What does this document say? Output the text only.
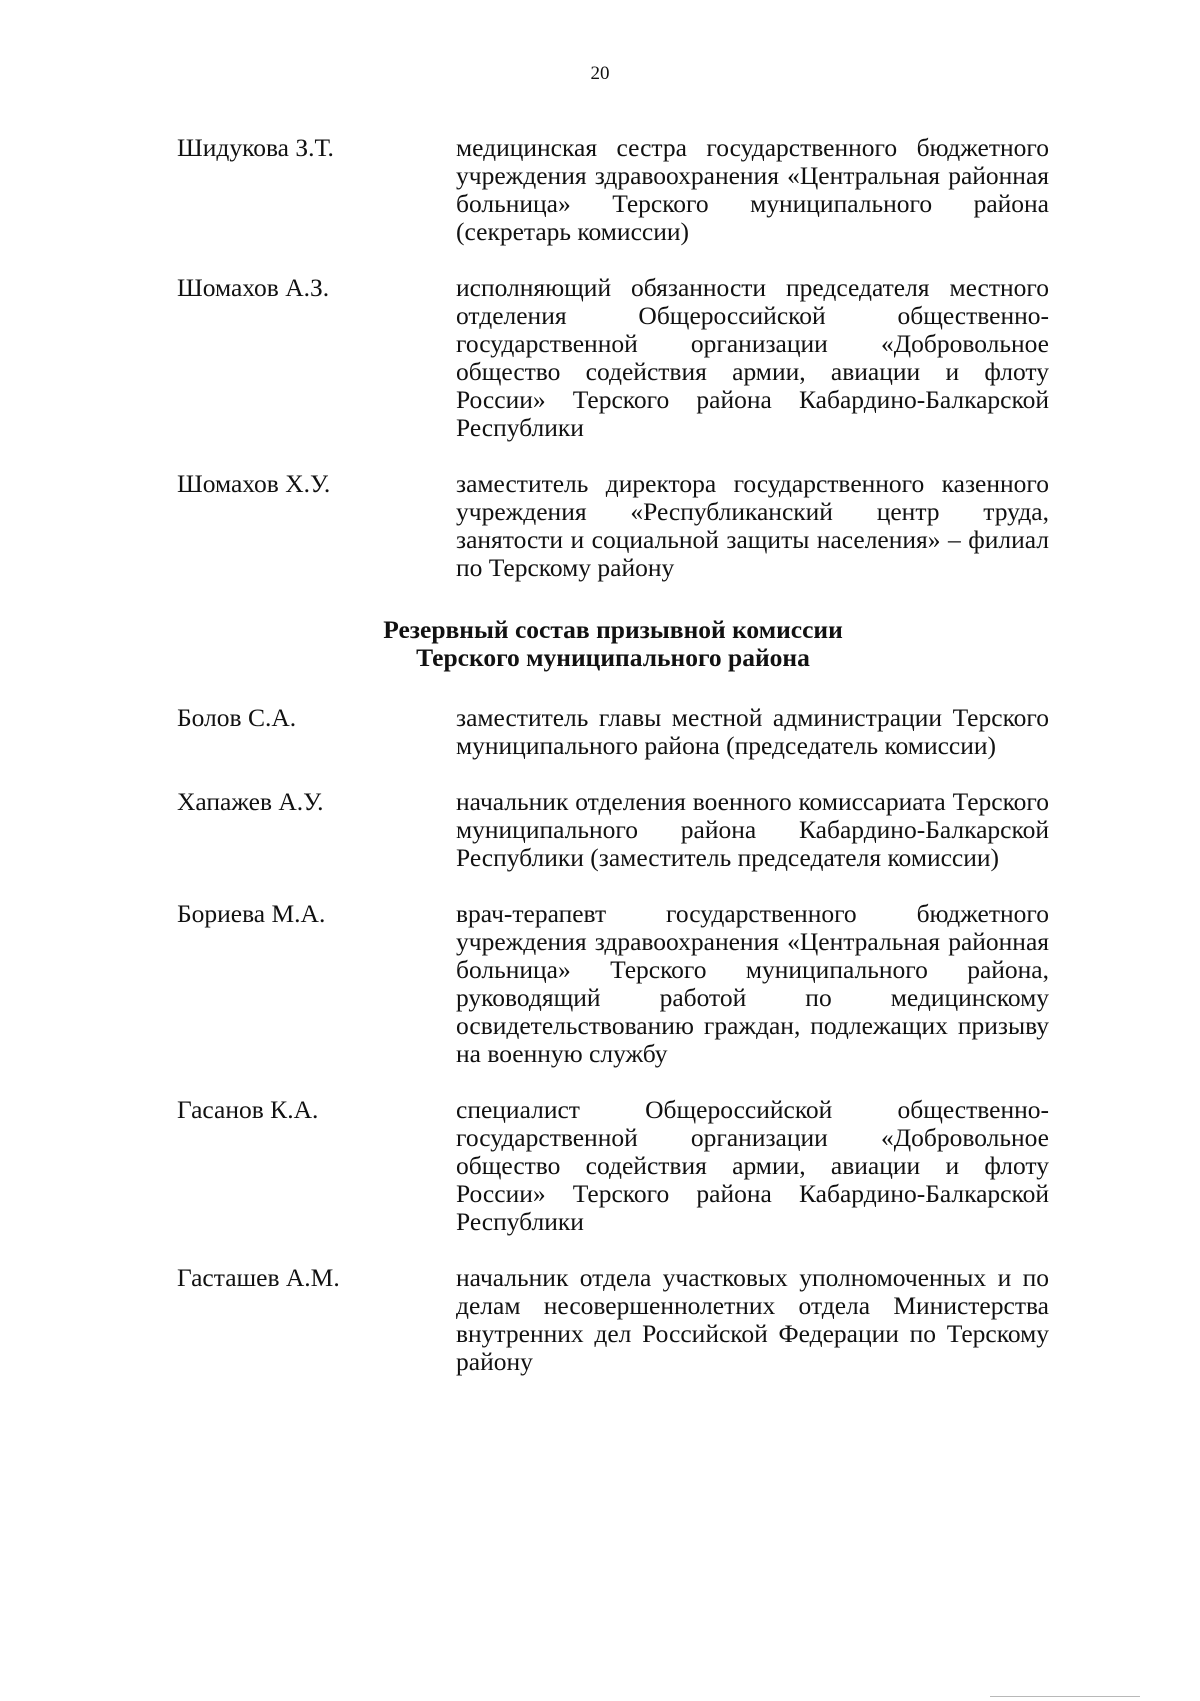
20
Шидукова З.Т.	медицинская сестра государственного бюджетного учреждения здравоохранения «Центральная районная больница» Терского муниципального района (секретарь комиссии)
Шомахов А.З.	исполняющий обязанности председателя местного отделения Общероссийской общественно-государственной организации «Добровольное общество содействия армии, авиации и флоту России» Терского района Кабардино-Балкарской Республики
Шомахов Х.У.	заместитель директора государственного казенного учреждения «Республиканский центр труда, занятости и социальной защиты населения» – филиал по Терскому району
Резервный состав призывной комиссии
Терского муниципального района
Болов С.А.	заместитель главы местной администрации Терского муниципального района (председатель комиссии)
Хапажев А.У.	начальник отделения военного комиссариата Терского муниципального района Кабардино-Балкарской Республики (заместитель председателя комиссии)
Бориева М.А.	врач-терапевт государственного бюджетного учреждения здравоохранения «Центральная районная больница» Терского муниципального района, руководящий работой по медицинскому освидетельствованию граждан, подлежащих призыву на военную службу
Гасанов К.А.	специалист Общероссийской общественно-государственной организации «Добровольное общество содействия армии, авиации и флоту России» Терского района Кабардино-Балкарской Республики
Гасташев А.М.	начальник отдела участковых уполномоченных и по делам несовершеннолетних отдела Министерства внутренних дел Российской Федерации по Терскому району
